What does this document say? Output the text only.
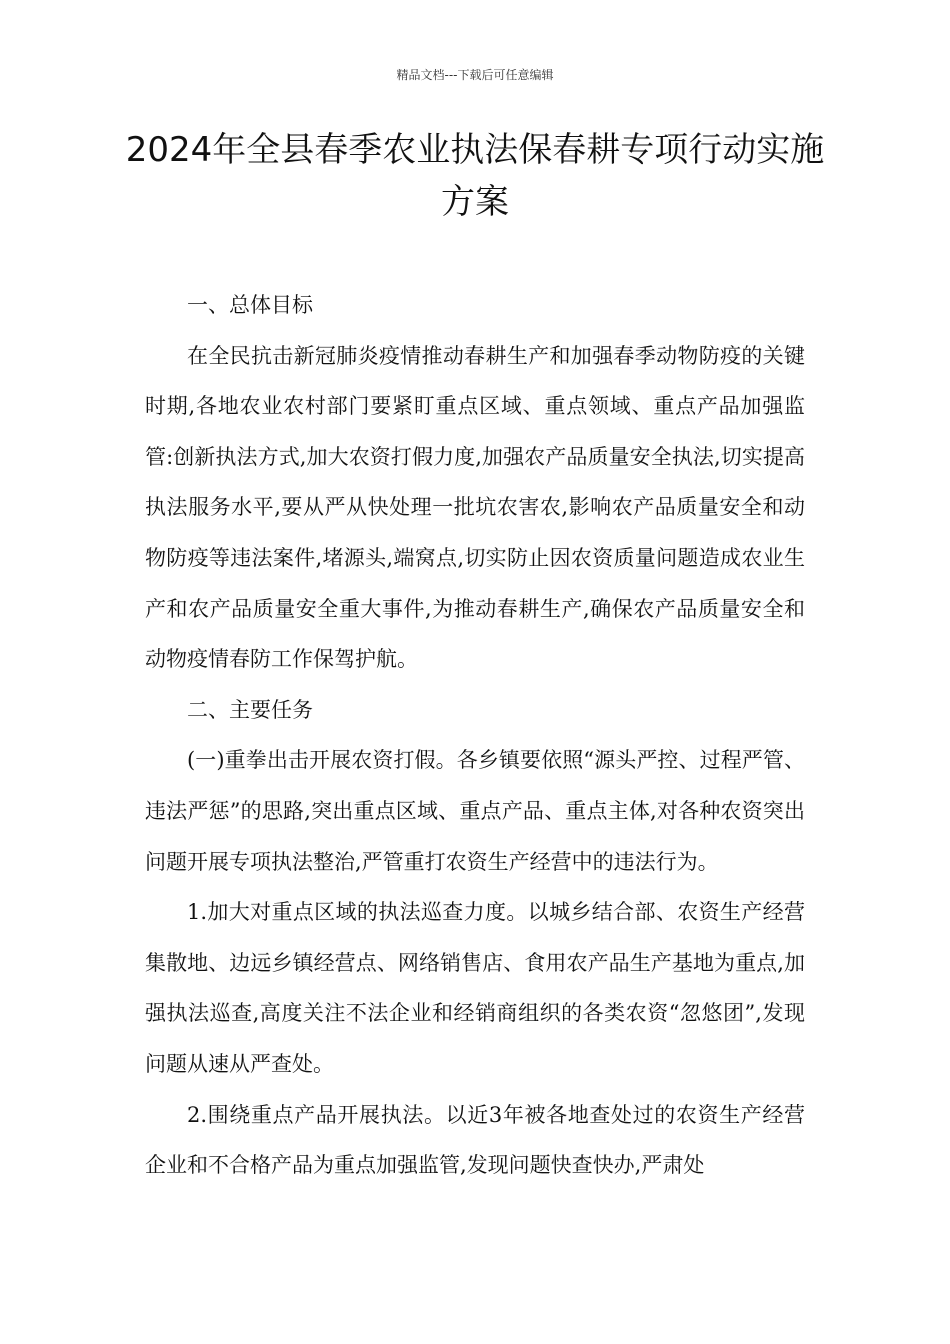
精品文档---下载后可任意编辑
2024年全县春季农业执法保春耕专项行动实施方案

一、总体目标

在全民抗击新冠肺炎疫情推动春耕生产和加强春季动物防疫的关键时期,各地农业农村部门要紧盯重点区域、重点领域、重点产品加强监管:创新执法方式,加大农资打假力度,加强农产品质量安全执法,切实提高执法服务水平,要从严从快处理一批坑农害农,影响农产品质量安全和动物防疫等违法案件,堵源头,端窝点,切实防止因农资质量问题造成农业生产和农产品质量安全重大事件,为推动春耕生产,确保农产品质量安全和动物疫情春防工作保驾护航。

二、主要任务

(一)重拳出击开展农资打假。各乡镇要依照“源头严控、过程严管、违法严惩”的思路,突出重点区域、重点产品、重点主体,对各种农资突出问题开展专项执法整治,严管重打农资生产经营中的违法行为。

1.加大对重点区域的执法巡查力度。以城乡结合部、农资生产经营集散地、边远乡镇经营点、网络销售店、食用农产品生产基地为重点,加强执法巡查,高度关注不法企业和经销商组织的各类农资“忽悠团”,发现问题从速从严查处。

2.围绕重点产品开展执法。以近3年被各地查处过的农资生产经营企业和不合格产品为重点加强监管,发现问题快查快办,严肃处
